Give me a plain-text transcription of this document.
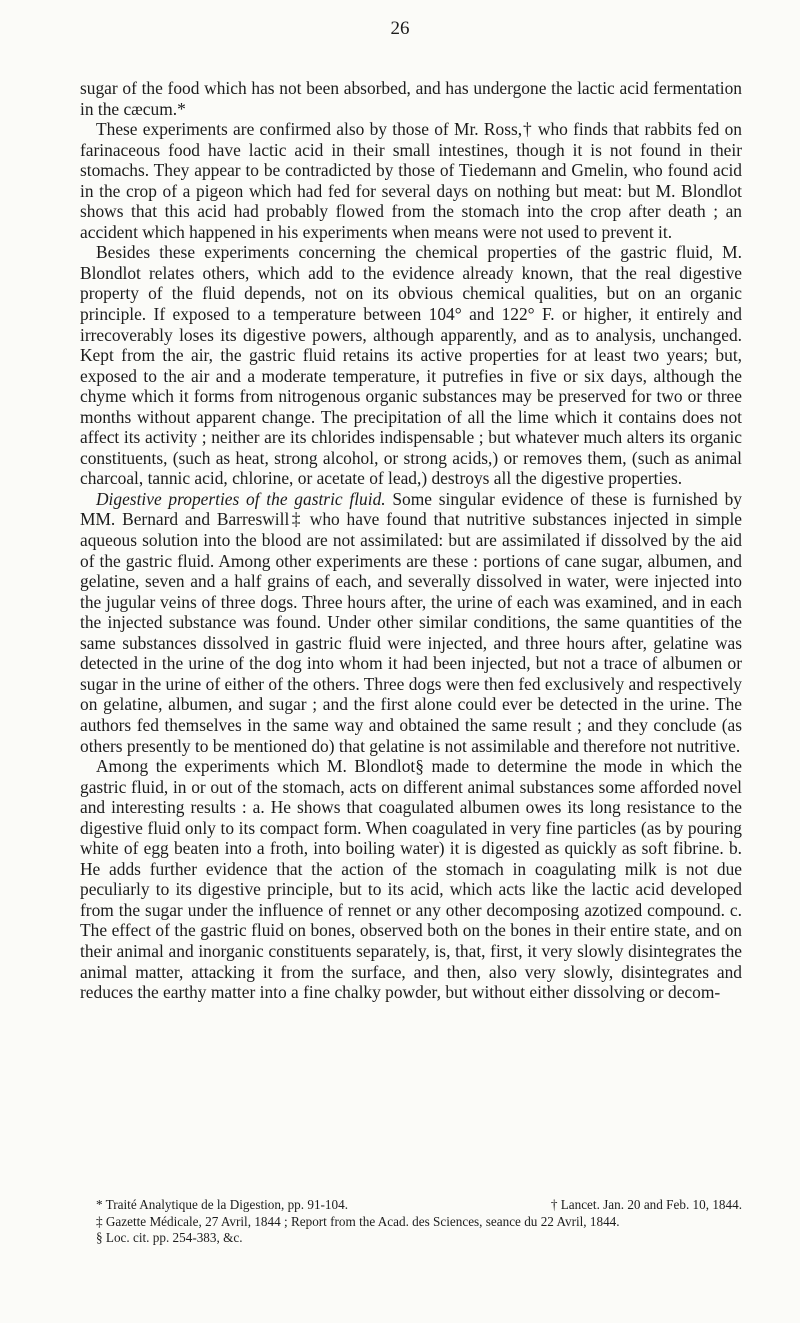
26

sugar of the food which has not been absorbed, and has undergone the lactic acid fermentation in the cæcum.*

These experiments are confirmed also by those of Mr. Ross,† who finds that rabbits fed on farinaceous food have lactic acid in their small intestines, though it is not found in their stomachs. They appear to be contradicted by those of Tiedemann and Gmelin, who found acid in the crop of a pigeon which had fed for several days on nothing but meat: but M. Blondlot shows that this acid had probably flowed from the stomach into the crop after death ; an accident which happened in his experiments when means were not used to prevent it.

Besides these experiments concerning the chemical properties of the gastric fluid, M. Blondlot relates others, which add to the evidence already known, that the real digestive property of the fluid depends, not on its obvious chemical qualities, but on an organic principle. If exposed to a temperature between 104° and 122° F. or higher, it entirely and irrecoverably loses its digestive powers, although apparently, and as to analysis, unchanged. Kept from the air, the gastric fluid retains its active properties for at least two years; but, exposed to the air and a moderate temperature, it putrefies in five or six days, although the chyme which it forms from nitrogenous organic substances may be preserved for two or three months without apparent change. The precipitation of all the lime which it contains does not affect its activity ; neither are its chlorides indispensable ; but whatever much alters its organic constituents, (such as heat, strong alcohol, or strong acids,) or removes them, (such as animal charcoal, tannic acid, chlorine, or acetate of lead,) destroys all the digestive properties.

Digestive properties of the gastric fluid. Some singular evidence of these is furnished by MM. Bernard and Barreswill‡ who have found that nutritive substances injected in simple aqueous solution into the blood are not assimilated: but are assimilated if dissolved by the aid of the gastric fluid. Among other experiments are these : portions of cane sugar, albumen, and gelatine, seven and a half grains of each, and severally dissolved in water, were injected into the jugular veins of three dogs. Three hours after, the urine of each was examined, and in each the injected substance was found. Under other similar conditions, the same quantities of the same substances dissolved in gastric fluid were injected, and three hours after, gelatine was detected in the urine of the dog into whom it had been injected, but not a trace of albumen or sugar in the urine of either of the others. Three dogs were then fed exclusively and respectively on gelatine, albumen, and sugar ; and the first alone could ever be detected in the urine. The authors fed themselves in the same way and obtained the same result ; and they conclude (as others presently to be mentioned do) that gelatine is not assimilable and therefore not nutritive.

Among the experiments which M. Blondlot§ made to determine the mode in which the gastric fluid, in or out of the stomach, acts on different animal substances some afforded novel and interesting results : a. He shows that coagulated albumen owes its long resistance to the digestive fluid only to its compact form. When coagulated in very fine particles (as by pouring white of egg beaten into a froth, into boiling water) it is digested as quickly as soft fibrine. b. He adds further evidence that the action of the stomach in coagulating milk is not due peculiarly to its digestive principle, but to its acid, which acts like the lactic acid developed from the sugar under the influence of rennet or any other decomposing azotized compound. c. The effect of the gastric fluid on bones, observed both on the bones in their entire state, and on their animal and inorganic constituents separately, is, that, first, it very slowly disintegrates the animal matter, attacking it from the surface, and then, also very slowly, disintegrates and reduces the earthy matter into a fine chalky powder, but without either dissolving or decom-

* Traité Analytique de la Digestion, pp. 91-104.	† Lancet. Jan. 20 and Feb. 10, 1844.
‡ Gazette Médicale, 27 Avril, 1844 ; Report from the Acad. des Sciences, seance du 22 Avril, 1844.
§ Loc. cit. pp. 254-383, &c.
